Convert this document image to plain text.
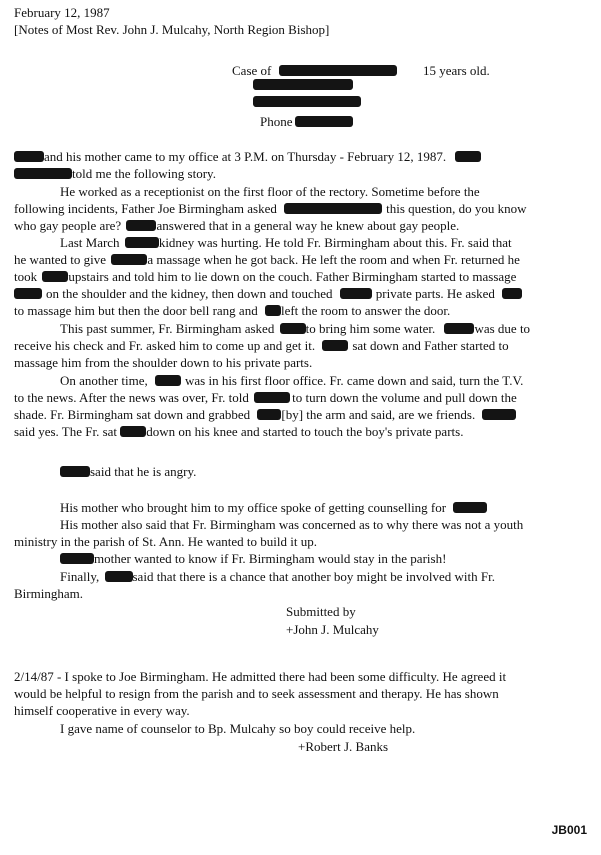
February 12, 1987
[Notes of Most Rev. John J. Mulcahy, North Region Bishop]
Case of	15 years old.
Phone
and his mother came to my office at 3 P.M. on Thursday - February 12, 1987.
told me the following story.
He worked as a receptionist on the first floor of the rectory. Sometime before the
following incidents, Father Joe Birmingham asked	this question, do you know
who gay people are?	answered that in a general way he knew about gay people.
Last March	kidney was hurting. He told Fr. Birmingham about this. Fr. said that
he wanted to give	a massage when he got back. He left the room and when Fr. returned he
took upstairs and told him to lie down on the couch. Father Birmingham started to massage
on the shoulder and the kidney, then down and touched	private parts. He asked
to massage him but then the door bell rang and left the room to answer the door.
This past summer, Fr. Birmingham asked to bring him some water.	was due to
receive his check and Fr. asked him to come up and get it.	sat down and Father started to
massage him from the shoulder down to his private parts.
On another time,	was in his first floor office. Fr. came down and said, turn the T.V.
to the news. After the news was over, Fr. told	to turn down the volume and pull down the
shade. Fr. Birmingham sat down and grabbed [by] the arm and said, are we friends.
said yes. The Fr. sat down on his knee and started to touch the boy's private parts.
said that he is angry.
His mother who brought him to my office spoke of getting counselling for
His mother also said that Fr. Birmingham was concerned as to why there was not a youth
ministry in the parish of St. Ann. He wanted to build it up.
mother wanted to know if Fr. Birmingham would stay in the parish!
Finally,	said that there is a chance that another boy might be involved with Fr.
Birmingham.
Submitted by
+John J. Mulcahy
2/14/87 - I spoke to Joe Birmingham. He admitted there had been some difficulty. He agreed it
would be helpful to resign from the parish and to seek assessment and therapy. He has shown
himself cooperative in every way.
I gave name of counselor to Bp. Mulcahy so boy could receive help.
+Robert J. Banks
JB001
